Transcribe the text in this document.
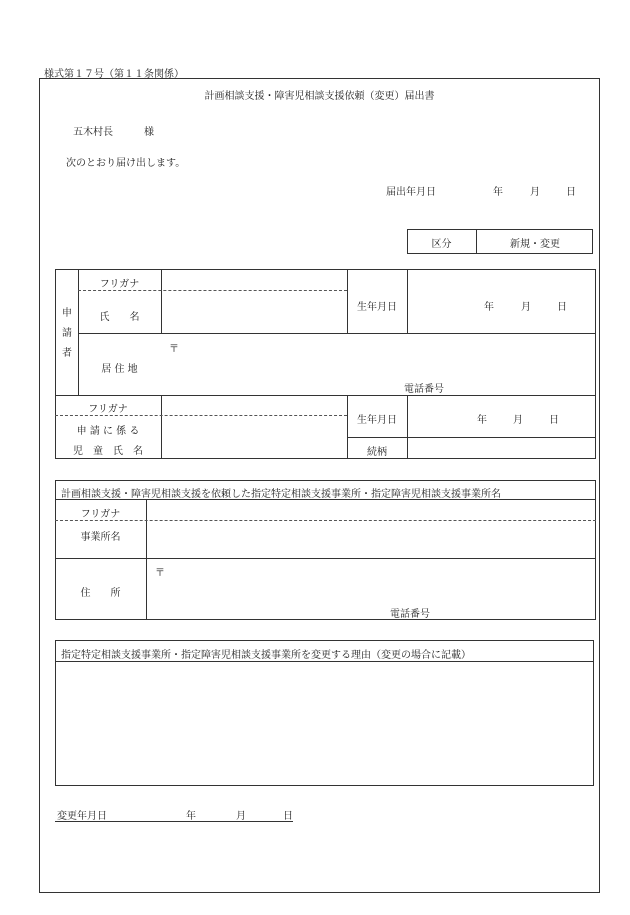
様式第１７号（第１１条関係）
計画相談支援・障害児相談支援依頼（変更）届出書
五木村長	様
次のとおり届け出します。
届出年月日	年	月	日
区分	新規・変更
申
請
者
フリガナ
氏　　名
生年月日	年	月	日
居 住 地
〒
電話番号
フリガナ
申 請 に 係 る
児　童　氏　名
生年月日	年	月	日
続柄
計画相談支援・障害児相談支援を依頼した指定特定相談支援事業所・指定障害児相談支援事業所名
フリガナ
事業所名
住　　所
〒
電話番号
指定特定相談支援事業所・指定障害児相談支援事業所を変更する理由（変更の場合に記載）
変更年月日	年	月	日
